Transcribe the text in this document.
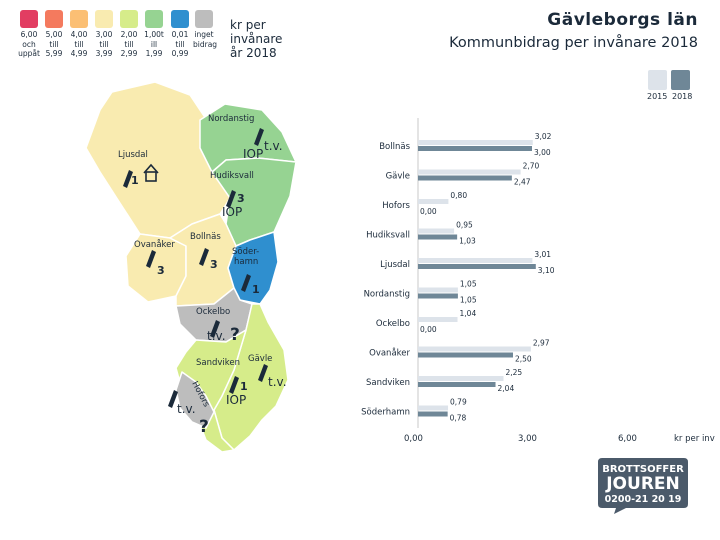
6,00
och
uppåt
5,00
till
5,99
4,00
till
4,99
3,00
till
3,99
2,00
till
2,99
1,00t
ill
1,99
0,01
till
0,99
inget
bidrag
kr per
invånare
år 2018
Gävleborgs län
Kommunbidrag per invånare 2018
2015 2018
Nordanstig
Ljusdal
Hudiksvall
Ovanåker
Bollnäs
Söder-
hamn
Ockelbo
Sandviken Gävle
Hofors
t.v.
IOP
1
3
IOP
3	3
1
t.v. ?
1
IOP
t.v.
t.v.
?
Bollnäs
3,02
3,00
Gävle
2,70
2,47
Hofors
0,80
0,00
Hudiksvall
0,95
1,03
Ljusdal
3,01
3,10
Nordanstig
1,05
1,05
Ockelbo
1,04
0,00
Ovanåker
2,97
2,50
Sandviken
2,25
2,04
Söderhamn
0,79
0,78
0,00	3,00	6,00	kr per inv
BROTTSOFFER
JOUREN
0200-21 20 19
